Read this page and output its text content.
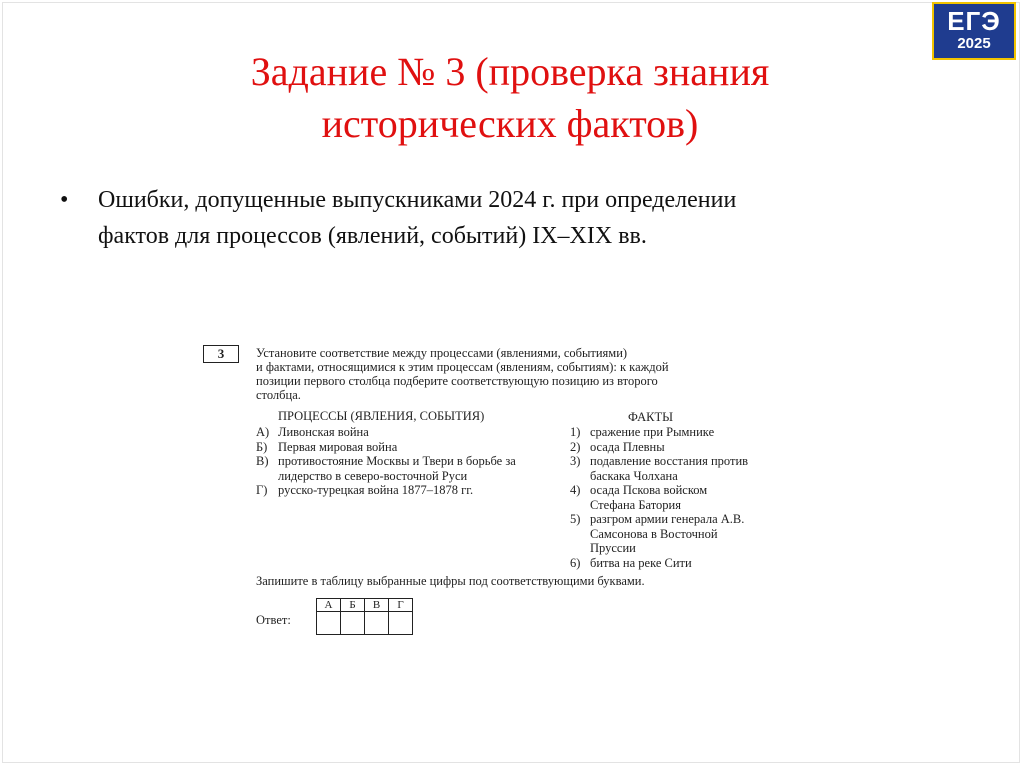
ЕГЭ
2025
Задание № 3 (проверка знания
исторических фактов)
• Ошибки, допущенные выпускниками 2024 г. при определении
фактов для процессов (явлений, событий) IX–XIX вв.
3	Установите соответствие между процессами (явлениями, событиями)
и фактами, относящимися к этим процессам (явлениям, событиям): к каждой
позиции первого столбца подберите соответствующую позицию из второго
столбца.
ПРОЦЕССЫ (ЯВЛЕНИЯ, СОБЫТИЯ)	ФАКТЫ
А) Ливонская война
Б) Первая мировая война
В) противостояние Москвы и Твери в борьбе за лидерство в северо-восточной Руси
Г) русско-турецкая война 1877–1878 гг.
1) сражение при Рымнике
2) осада Плевны
3) подавление восстания против баскака Чолхана
4) осада Пскова войском Стефана Батория
5) разгром армии генерала А.В. Самсонова в Восточной Пруссии
6) битва на реке Сити
Запишите в таблицу выбранные цифры под соответствующими буквами.
Ответ:
А	Б	В	Г
